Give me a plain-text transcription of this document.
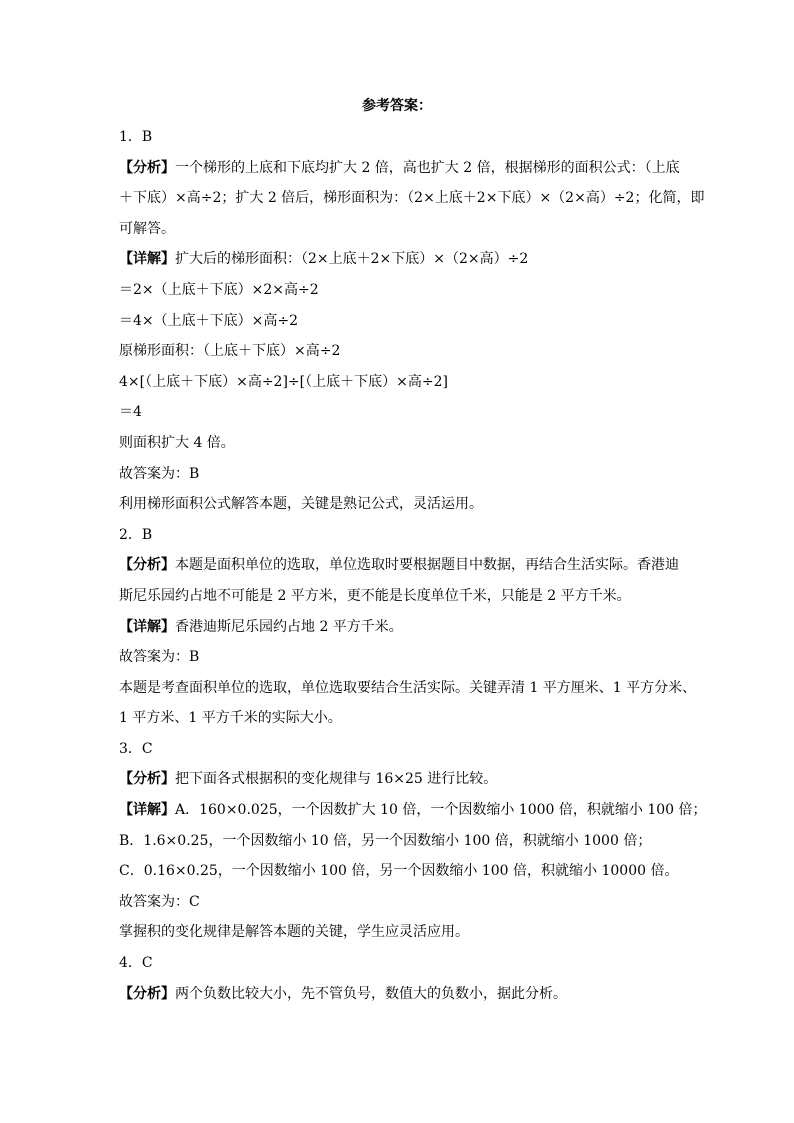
参考答案：
1．B
【分析】一个梯形的上底和下底均扩大 2 倍，高也扩大 2 倍，根据梯形的面积公式：（上底
＋下底）×高÷2；扩大 2 倍后，梯形面积为：（2×上底＋2×下底）×（2×高）÷2；化简，即
可解答。
【详解】扩大后的梯形面积：（2×上底＋2×下底）×（2×高）÷2
＝2×（上底＋下底）×2×高÷2
＝4×（上底＋下底）×高÷2
原梯形面积：（上底＋下底）×高÷2
4×[（上底＋下底）×高÷2]÷[（上底＋下底）×高÷2]
＝4
则面积扩大 4 倍。
故答案为：B
利用梯形面积公式解答本题，关键是熟记公式，灵活运用。
2．B
【分析】本题是面积单位的选取，单位选取时要根据题目中数据，再结合生活实际。香港迪
斯尼乐园约占地不可能是 2 平方米，更不能是长度单位千米，只能是 2 平方千米。
【详解】香港迪斯尼乐园约占地 2 平方千米。
故答案为：B
本题是考查面积单位的选取，单位选取要结合生活实际。关键弄清 1 平方厘米、1 平方分米、
1 平方米、1 平方千米的实际大小。
3．C
【分析】把下面各式根据积的变化规律与 16×25 进行比较。
【详解】A．160×0.025，一个因数扩大 10 倍，一个因数缩小 1000 倍，积就缩小 100 倍；
B．1.6×0.25，一个因数缩小 10 倍，另一个因数缩小 100 倍，积就缩小 1000 倍；
C．0.16×0.25，一个因数缩小 100 倍，另一个因数缩小 100 倍，积就缩小 10000 倍。
故答案为：C
掌握积的变化规律是解答本题的关键，学生应灵活应用。
4．C
【分析】两个负数比较大小，先不管负号，数值大的负数小，据此分析。
